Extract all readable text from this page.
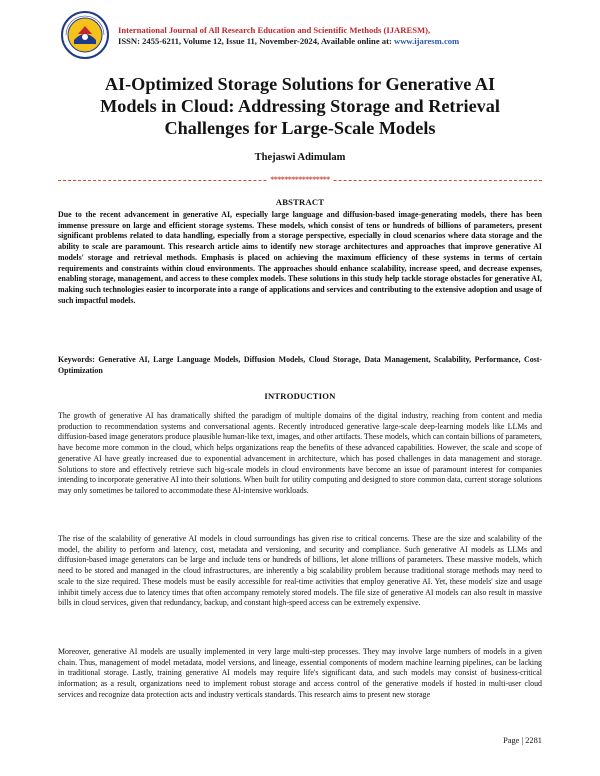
International Journal of All Research Education and Scientific Methods (IJARESM),
ISSN: 2455-6211, Volume 12, Issue 11, November-2024, Available online at: www.ijaresm.com
AI-Optimized Storage Solutions for Generative AI
Models in Cloud: Addressing Storage and Retrieval
Challenges for Large-Scale Models
Thejaswi Adimulam
*****************
ABSTRACT
Due to the recent advancement in generative AI, especially large language and diffusion-based image-generating models, there has been immense pressure on large and efficient storage systems. These models, which consist of tens or hundreds of billions of parameters, present significant problems related to data handling, especially from a storage perspective, especially in cloud scenarios where data storage and the ability to scale are paramount. This research article aims to identify new storage architectures and approaches that improve generative AI models' storage and retrieval methods. Emphasis is placed on achieving the maximum efficiency of these systems in terms of certain requirements and constraints within cloud environments. The approaches should enhance scalability, increase speed, and decrease expenses, enabling storage, management, and access to these complex models. These solutions in this study help tackle storage obstacles for generative AI, making such technologies easier to incorporate into a range of applications and services and contributing to the extensive adoption and usage of such impactful models.
Keywords: Generative AI, Large Language Models, Diffusion Models, Cloud Storage, Data Management, Scalability, Performance, Cost-Optimization
INTRODUCTION
The growth of generative AI has dramatically shifted the paradigm of multiple domains of the digital industry, reaching from content and media production to recommendation systems and conversational agents. Recently introduced generative large-scale deep-learning models like LLMs and diffusion-based image generators produce plausible human-like text, images, and other artifacts. These models, which can contain billions of parameters, have become more common in the cloud, which helps organizations reap the benefits of these advanced capabilities. However, the scale and scope of generative AI have greatly increased due to exponential advancement in architecture, which has posed challenges in data management and storage. Solutions to store and effectively retrieve such big-scale models in cloud environments have become an issue of paramount interest for companies intending to incorporate generative AI into their solutions. When built for utility computing and designed to store common data, current storage solutions may only sometimes be tailored to accommodate these AI-intensive workloads.
The rise of the scalability of generative AI models in cloud surroundings has given rise to critical concerns. These are the size and scalability of the model, the ability to perform and latency, cost, metadata and versioning, and security and compliance. Such generative AI models as LLMs and diffusion-based image generators can be large and include tens or hundreds of billions, let alone trillions of parameters. These massive models, which need to be stored and managed in the cloud infrastructures, are inherently a big scalability problem because traditional storage methods may need to scale to the size required. These models must be easily accessible for real-time activities that employ generative AI. Yet, these models' size and usage inhibit timely access due to latency times that often accompany remotely stored models. The file size of generative AI models can also result in massive bills in cloud services, given that redundancy, backup, and constant high-speed access can be extremely expensive.
Moreover, generative AI models are usually implemented in very large multi-step processes. They may involve large numbers of models in a given chain. Thus, management of model metadata, model versions, and lineage, essential components of modern machine learning pipelines, can be lacking in traditional storage. Lastly, training generative AI models may require life's significant data, and such models may consist of business-critical information; as a result, organizations need to implement robust storage and access control of the generative models if hosted in multi-user cloud services and recognize data protection acts and industry verticals standards. This research aims to present new storage
Page | 2281
